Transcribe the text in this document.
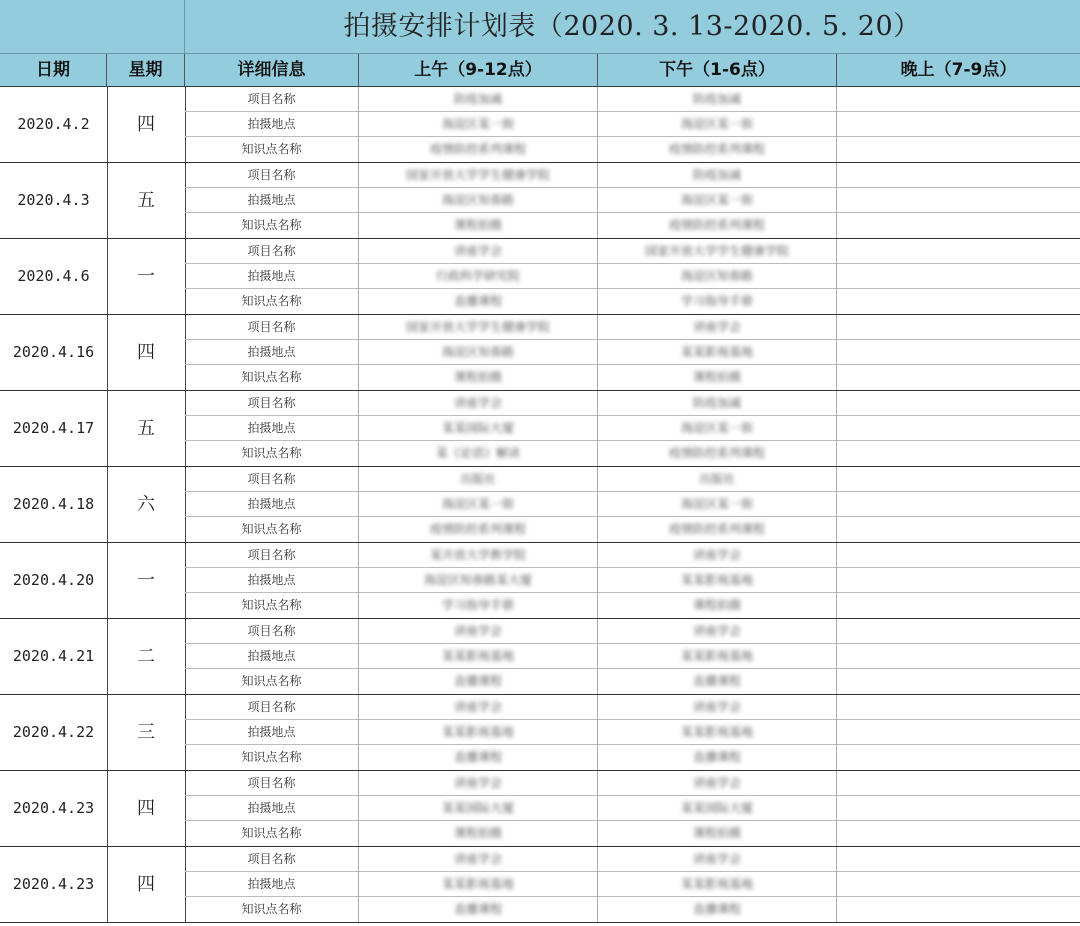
拍摄安排计划表（2020. 3. 13-2020. 5. 20）
日期	星期	详细信息	上午（9-12点）	下午（1-6点）	晚上（7-9点）
2020.4.2	四
项目名称	防疫加减	防疫加减
拍摄地点	海淀区某一街	海淀区某一街
知识点名称	疫情防控系列课程	疫情防控系列课程
2020.4.3	五
项目名称	国家开放大学学生健康学院	防疫加减
拍摄地点	海淀区知春路	海淀区某一街
知识点名称	课程拍摄	疫情防控系列课程
2020.4.6	一
项目名称	讲座学会	国家开放大学学生健康学院
拍摄地点	行政科学研究院	海淀区知春路
知识点名称	直播课程	学习指导手册
2020.4.16	四
项目名称	国家开放大学学生健康学院	讲座学会
拍摄地点	海淀区知春路	某某影视基地
知识点名称	课程拍摄	课程拍摄
2020.4.17	五
项目名称	讲座学会	防疫加减
拍摄地点	某某国际大厦	海淀区某一街
知识点名称	某《论语》解读	疫情防控系列课程
2020.4.18	六
项目名称	出版社	出版社
拍摄地点	海淀区某一街	海淀区某一街
知识点名称	疫情防控系列课程	疫情防控系列课程
2020.4.20	一
项目名称	某开放大学教学院	讲座学会
拍摄地点	海淀区知春路某大厦	某某影视基地
知识点名称	学习指导手册	课程拍摄
2020.4.21	二
项目名称	讲座学会	讲座学会
拍摄地点	某某影视基地	某某影视基地
知识点名称	直播课程	直播课程
2020.4.22	三
项目名称	讲座学会	讲座学会
拍摄地点	某某影视基地	某某影视基地
知识点名称	直播课程	直播课程
2020.4.23	四
项目名称	讲座学会	讲座学会
拍摄地点	某某国际大厦	某某国际大厦
知识点名称	课程拍摄	课程拍摄
2020.4.23	四
项目名称	讲座学会	讲座学会
拍摄地点	某某影视基地	某某影视基地
知识点名称	直播课程	直播课程
